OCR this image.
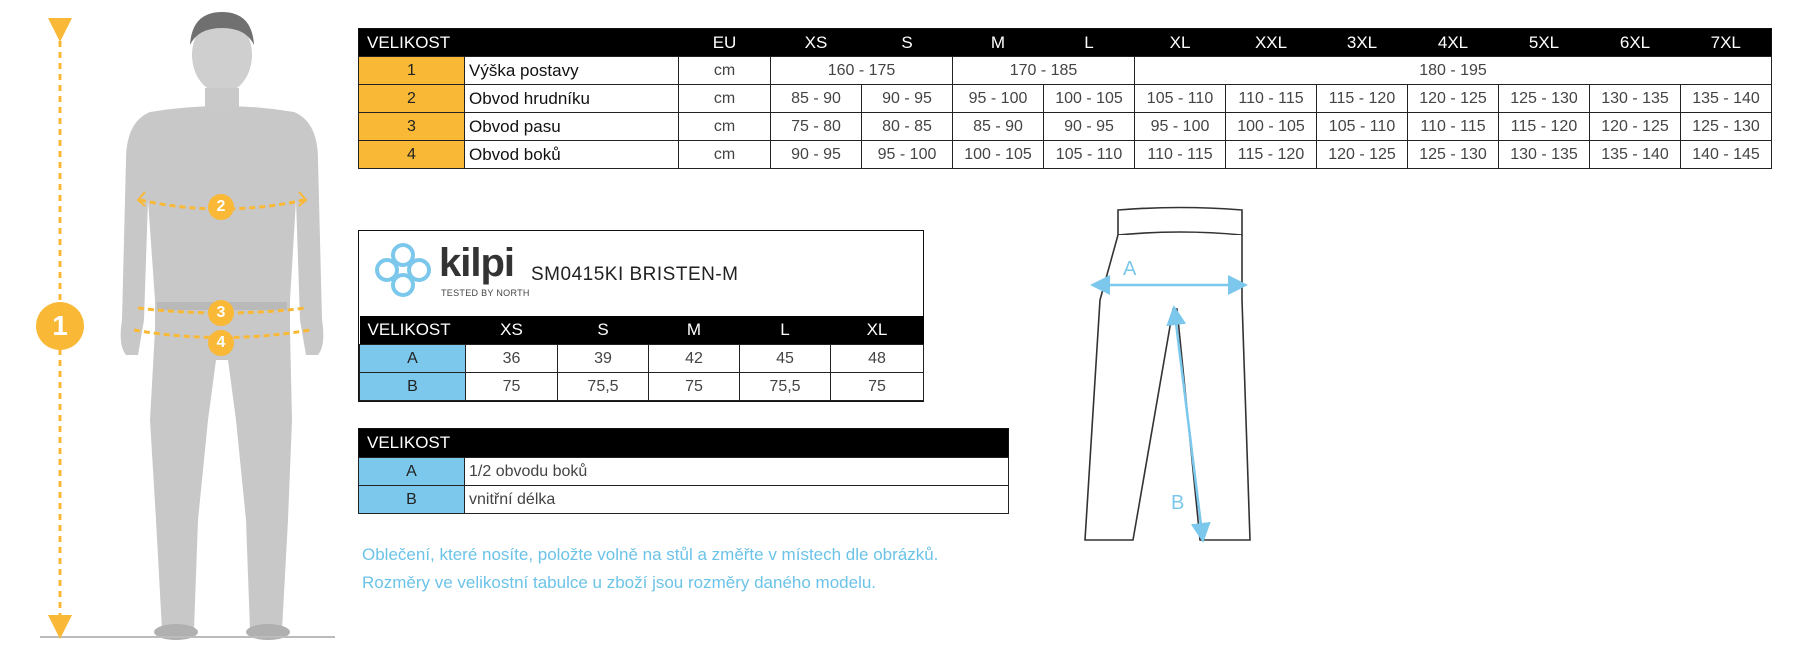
1
2
3
4
VELIKOST		EU	XS	S	M	L	XL	XXL	3XL	4XL	5XL	6XL	7XL
1	Výška postavy	cm	160 - 175		170 - 185		180 - 195						
2	Obvod hrudníku	cm	85 - 90	90 - 95	95 - 100	100 - 105	105 - 110	110 - 115	115 - 120	120 - 125	125 - 130	130 - 135	135 - 140
3	Obvod pasu	cm	75 - 80	80 - 85	85 - 90	90 - 95	95 - 100	100 - 105	105 - 110	110 - 115	115 - 120	120 - 125	125 - 130
4	Obvod boků	cm	90 - 95	95 - 100	100 - 105	105 - 110	110 - 115	115 - 120	120 - 125	125 - 130	130 - 135	135 - 140	140 - 145
kilpi
TESTED BY NORTH
SM0415KI BRISTEN-M
VELIKOST	XS	S	M	L	XL
A	36	39	42	45	48
B	75	75,5	75	75,5	75
VELIKOST	
A	1/2 obvodu boků
B	vnitřní délka
Oblečení, které nosíte, položte volně na stůl a změřte v místech dle obrázků.
Rozměry ve velikostní tabulce u zboží jsou rozměry daného modelu.
A
B
